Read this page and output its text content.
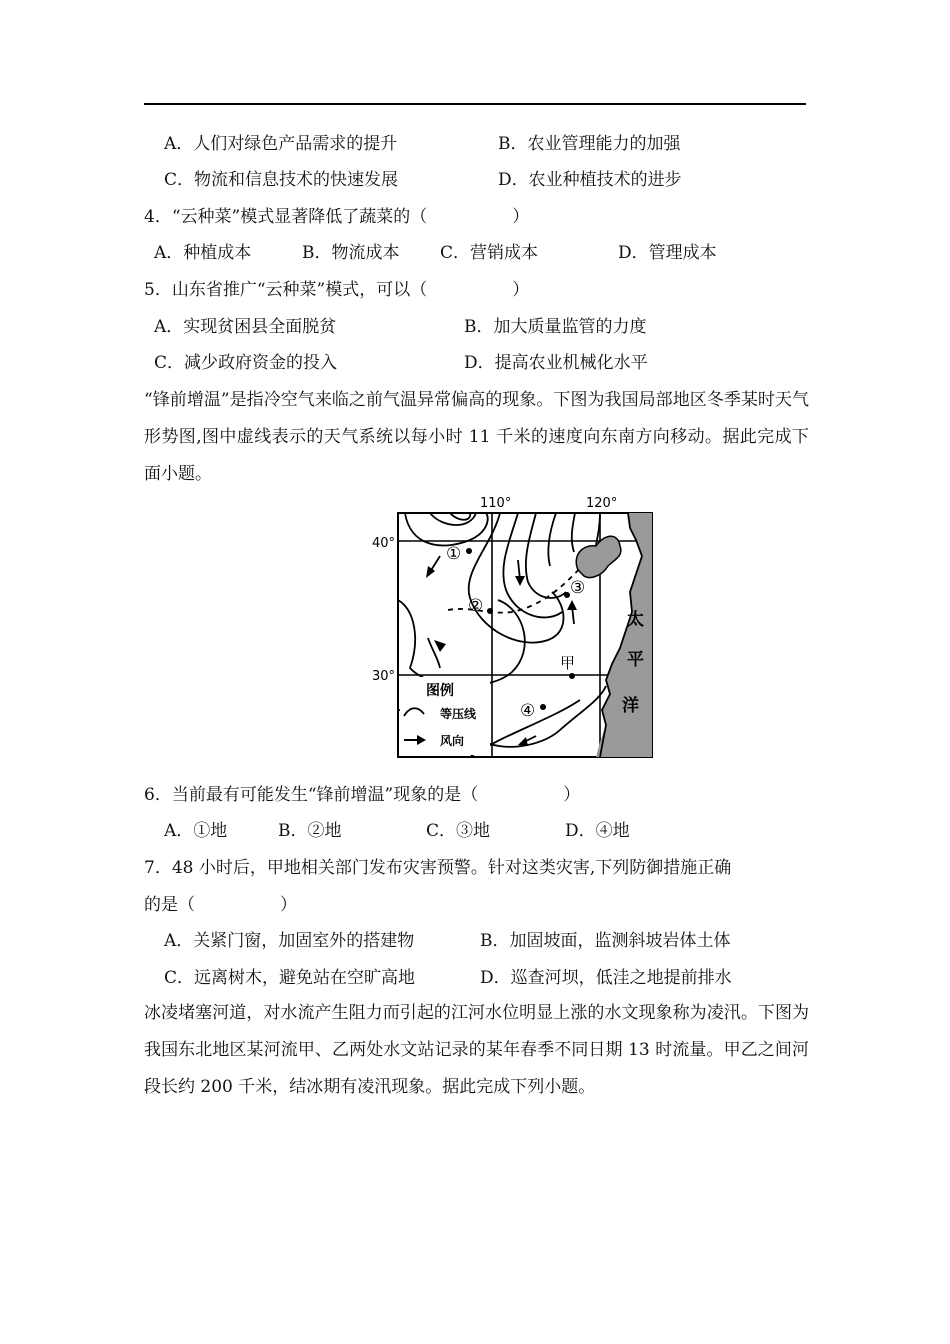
A．人们对绿色产品需求的提升	B．农业管理能力的加强
C．物流和信息技术的快速发展	D．农业种植技术的进步
4．“云种菜”模式显著降低了蔬菜的（　　　　　）
A．种植成本	B．物流成本 C．营销成本	D．管理成本
5．山东省推广“云种菜”模式，可以（　　　　　）
A．实现贫困县全面脱贫	B．加大质量监管的力度
C．减少政府资金的投入	D．提高农业机械化水平
“锋前增温”是指冷空气来临之前气温异常偏高的现象。下图为我国局部地区冬季某时天气形势图,图中虚线表示的天气系统以每小时 11 千米的速度向东南方向移动。据此完成下面小题。
110°	120°
40°
30°
①
②
③
④
甲
太
平
洋
图例
等压线
风向
6．当前最有可能发生“锋前增温”现象的是（　　　　　）
A．①地	B．②地	C．③地	D．④地
7．48 小时后，甲地相关部门发布灾害预警。针对这类灾害,下列防御措施正确
的是（　　　　　）
A．关紧门窗，加固室外的搭建物	B．加固坡面，监测斜坡岩体土体
C．远离树木，避免站在空旷高地	D．巡查河坝，低洼之地提前排水
冰凌堵塞河道，对水流产生阻力而引起的江河水位明显上涨的水文现象称为凌汛。下图为我国东北地区某河流甲、乙两处水文站记录的某年春季不同日期 13 时流量。甲乙之间河段长约 200 千米，结冰期有凌汛现象。据此完成下列小题。
